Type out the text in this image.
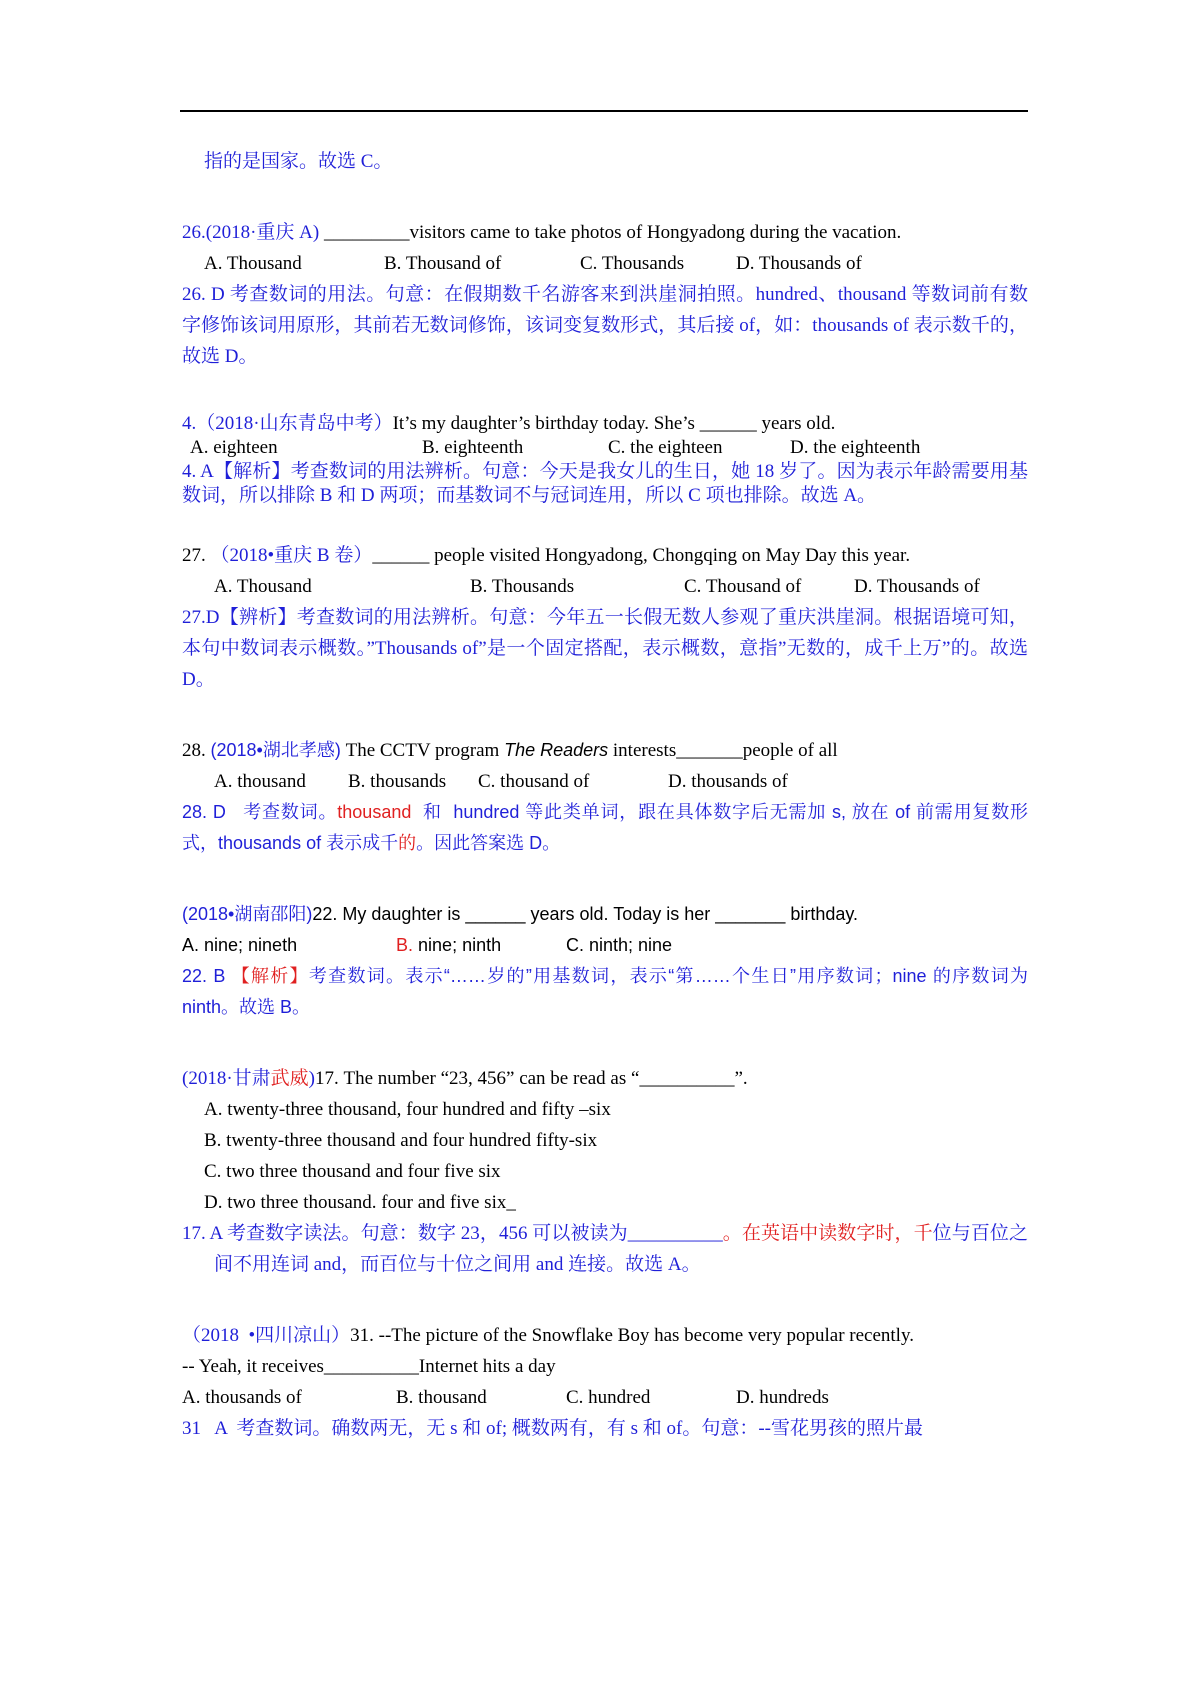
指的是国家。故选 C。
26.(2018·重庆 A) _________visitors came to take photos of Hongyadong during the vacation.
A. Thousand	B. Thousand of	C. Thousands	D. Thousands of
26. D 考查数词的用法。句意：在假期数千名游客来到洪崖洞拍照。hundred、thousand 等数词前有数字修饰该词用原形，其前若无数词修饰，该词变复数形式，其后接 of，如：thousands of 表示数千的，故选 D。
4.（2018·山东青岛中考）It’s my daughter’s birthday today. She’s ______ years old.
A. eighteen	B. eighteenth	C. the eighteen	D. the eighteenth
4. A【解析】考查数词的用法辨析。句意：今天是我女儿的生日，她 18 岁了。因为表示年龄需要用基数词，所以排除 B 和 D 两项；而基数词不与冠词连用，所以 C 项也排除。故选 A。
27. （2018•重庆 B 卷）______ people visited Hongyadong, Chongqing on May Day this year.
A. Thousand	B. Thousands	C. Thousand of	D. Thousands of
27.D【辨析】考查数词的用法辨析。句意：今年五一长假无数人参观了重庆洪崖洞。根据语境可知，本句中数词表示概数。”Thousands of”是一个固定搭配，表示概数，意指”无数的，成千上万”的。故选 D。
28. (2018•湖北孝感) The CCTV program The Readers interests_______people of all
A. thousand	B. thousands	C. thousand of	D. thousands of
28. D   考查数词。thousand  和  hundred 等此类单词，跟在具体数字后无需加 s, 放在 of 前需用复数形式，thousands of 表示成千的。因此答案选 D。
(2018•湖南邵阳)22. My daughter is ______ years old. Today is her _______ birthday.
A. nine; nineth	B. nine; ninth	C. ninth; nine
22. B 【解析】考查数词。表示“……岁的”用基数词，表示“第……个生日”用序数词；nine 的序数词为 ninth。故选 B。
(2018·甘肃武威)17. The number “23, 456” can be read as “__________”.
A. twenty-three thousand, four hundred and fifty –six
B. twenty-three thousand and four hundred fifty-six
C. two three thousand and four five six
D. two three thousand. four and five six_
17. A 考查数字读法。句意：数字 23，456 可以被读为__________。在英语中读数字时，千位与百位之间不用连词 and，而百位与十位之间用 and 连接。故选 A。
（2018  •四川凉山）31. --The picture of the Snowflake Boy has become very popular recently.
-- Yeah, it receives__________Internet hits a day
A. thousands of	B. thousand	C. hundred	D. hundreds
31   A  考查数词。确数两无，无 s 和 of; 概数两有，有 s 和 of。句意：--雪花男孩的照片最
